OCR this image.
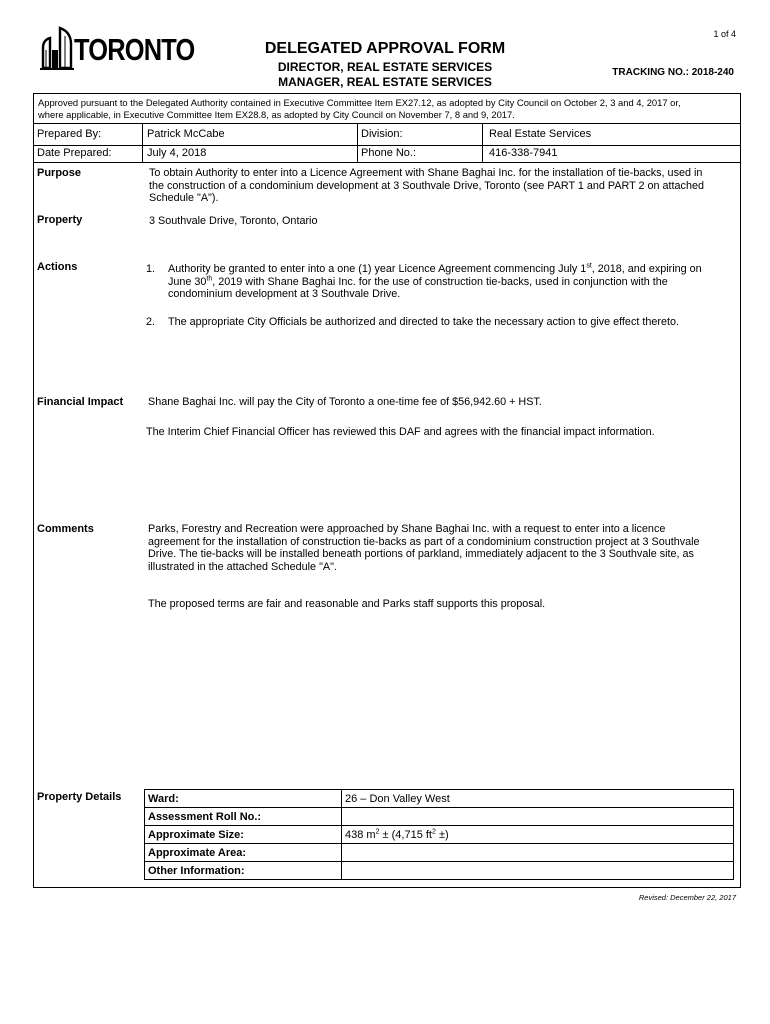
1 of 4
TORONTO	DELEGATED APPROVAL FORM
DIRECTOR, REAL ESTATE SERVICES
MANAGER, REAL ESTATE SERVICES
TRACKING NO.: 2018-240
Approved pursuant to the Delegated Authority contained in Executive Committee Item EX27.12, as adopted by City Council on October 2, 3 and 4, 2017 or,
where applicable, in Executive Committee Item EX28.8, as adopted by City Council on November 7, 8 and 9, 2017.
Prepared By:	Patrick McCabe	Division:	Real Estate Services
Date Prepared:	July 4, 2018	Phone No.:	416-338-7941
Purpose	To obtain Authority to enter into a Licence Agreement with Shane Baghai Inc. for the installation of tie-backs, used in
the construction of a condominium development at 3 Southvale Drive, Toronto (see PART 1 and PART 2 on attached
Schedule "A").
Property	3 Southvale Drive, Toronto, Ontario
Actions	1. Authority be granted to enter into a one (1) year Licence Agreement commencing July 1st, 2018, and expiring on
June 30th, 2019 with Shane Baghai Inc. for the use of construction tie-backs, used in conjunction with the
condominium development at 3 Southvale Drive.
2. The appropriate City Officials be authorized and directed to take the necessary action to give effect thereto.
Financial Impact Shane Baghai Inc. will pay the City of Toronto a one-time fee of $56,942.60 + HST.
The Interim Chief Financial Officer has reviewed this DAF and agrees with the financial impact information.
Comments	Parks, Forestry and Recreation were approached by Shane Baghai Inc. with a request to enter into a licence
agreement for the installation of construction tie-backs as part of a condominium construction project at 3 Southvale
Drive. The tie-backs will be installed beneath portions of parkland, immediately adjacent to the 3 Southvale site, as
illustrated in the attached Schedule "A".
The proposed terms are fair and reasonable and Parks staff supports this proposal.
Property Details Ward:	26 – Don Valley West
Assessment Roll No.:	
Approximate Size:	438 $m^2 \pm (4,715$ $ft^2$ ±)
Approximate Area:	
Other Information:	
Revised: December 22, 2017
